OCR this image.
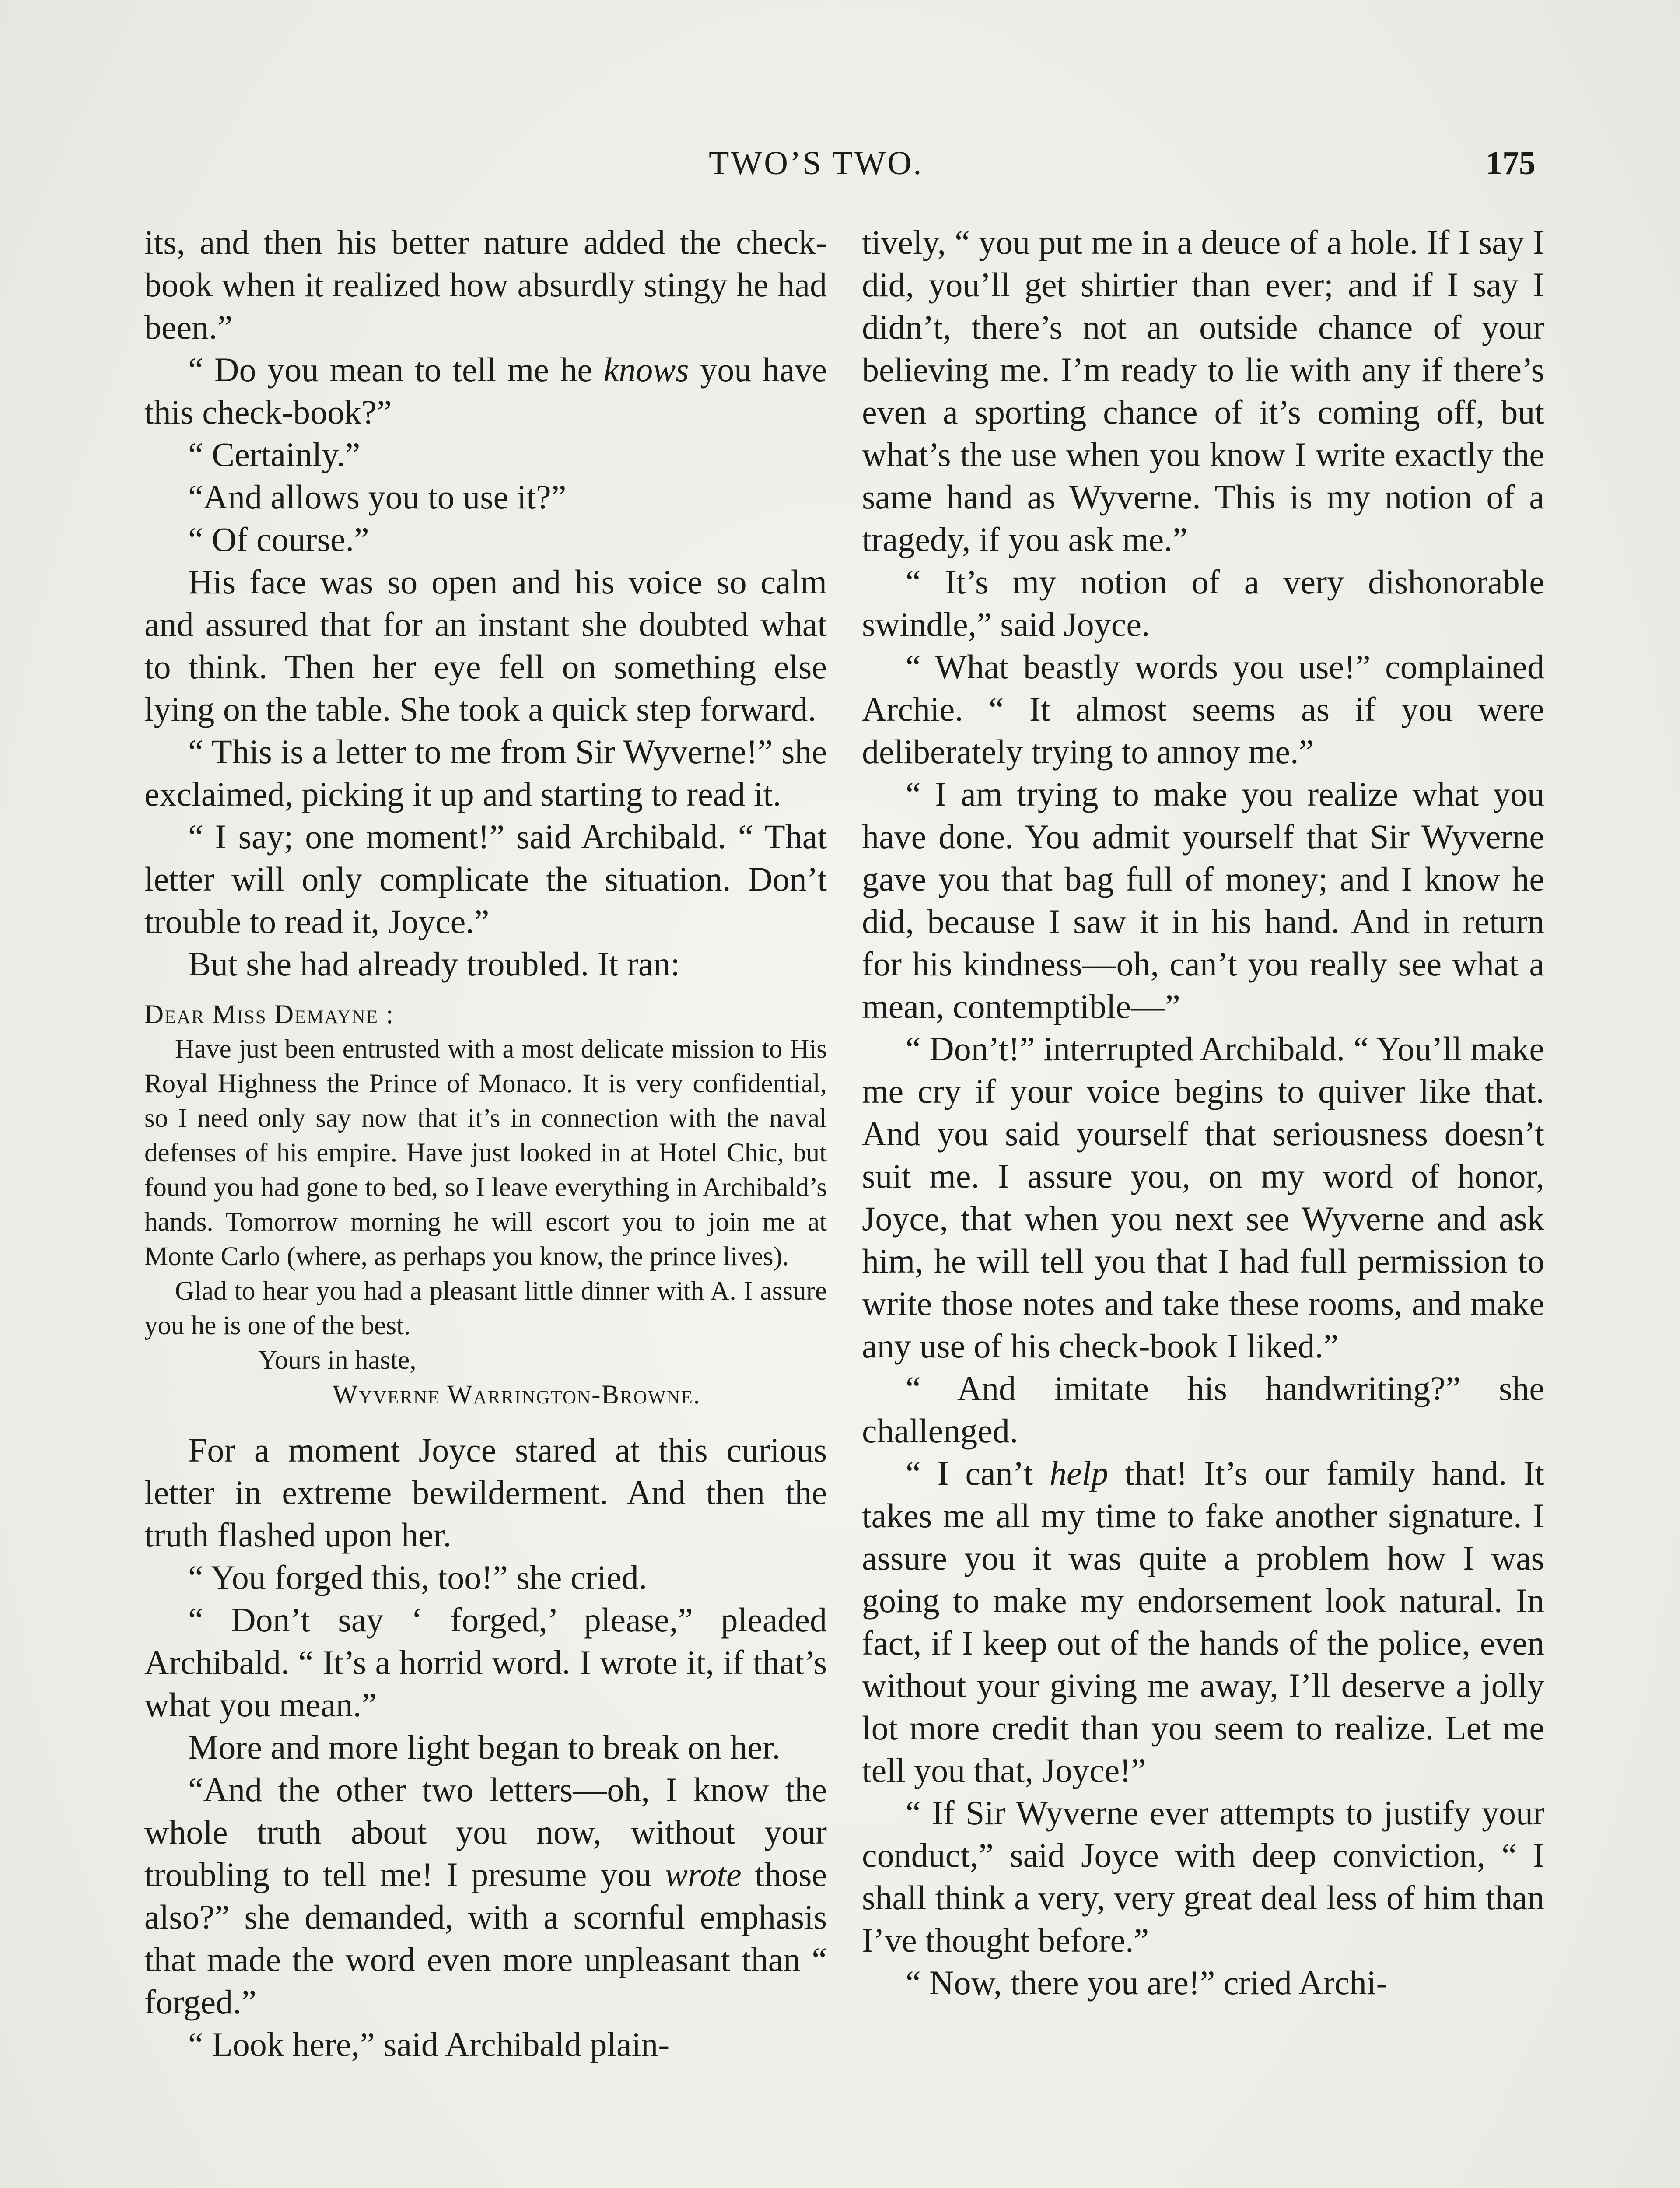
TWO’S TWO.	175

its, and then his better nature added the check-book when it realized how absurdly stingy he had been.”

“ Do you mean to tell me he knows you have this check-book?”

“ Certainly.”

“And allows you to use it?”

“ Of course.”

His face was so open and his voice so calm and assured that for an instant she doubted what to think. Then her eye fell on something else lying on the table. She took a quick step forward.

“ This is a letter to me from Sir Wyverne!” she exclaimed, picking it up and starting to read it.

“ I say; one moment!” said Archibald. “ That letter will only complicate the situation. Don’t trouble to read it, Joyce.”

But she had already troubled. It ran:

Dear Miss Demayne :

Have just been entrusted with a most delicate mission to His Royal Highness the Prince of Monaco. It is very confidential, so I need only say now that it’s in connection with the naval defenses of his empire. Have just looked in at Hotel Chic, but found you had gone to bed, so I leave everything in Archibald’s hands. Tomorrow morning he will escort you to join me at Monte Carlo (where, as perhaps you know, the prince lives).

Glad to hear you had a pleasant little dinner with A. I assure you he is one of the best.

Yours in haste,

Wyverne Warrington-Browne.

For a moment Joyce stared at this curious letter in extreme bewilderment. And then the truth flashed upon her.

“ You forged this, too!” she cried.

“ Don’t say ‘ forged,’ please,” pleaded Archibald. “ It’s a horrid word. I wrote it, if that’s what you mean.”

More and more light began to break on her.

“And the other two letters—oh, I know the whole truth about you now, without your troubling to tell me! I presume you wrote those also?” she demanded, with a scornful emphasis that made the word even more unpleasant than “ forged.”

“ Look here,” said Archibald plain-

tively, “ you put me in a deuce of a hole. If I say I did, you’ll get shirtier than ever; and if I say I didn’t, there’s not an outside chance of your believing me. I’m ready to lie with any if there’s even a sporting chance of it’s coming off, but what’s the use when you know I write exactly the same hand as Wyverne. This is my notion of a tragedy, if you ask me.”

“ It’s my notion of a very dishonorable swindle,” said Joyce.

“ What beastly words you use!” complained Archie. “ It almost seems as if you were deliberately trying to annoy me.”

“ I am trying to make you realize what you have done. You admit yourself that Sir Wyverne gave you that bag full of money; and I know he did, because I saw it in his hand. And in return for his kindness—oh, can’t you really see what a mean, contemptible—”

“ Don’t!” interrupted Archibald. “ You’ll make me cry if your voice begins to quiver like that. And you said yourself that seriousness doesn’t suit me. I assure you, on my word of honor, Joyce, that when you next see Wyverne and ask him, he will tell you that I had full permission to write those notes and take these rooms, and make any use of his check-book I liked.”

“ And imitate his handwriting?” she challenged.

“ I can’t help that! It’s our family hand. It takes me all my time to fake another signature. I assure you it was quite a problem how I was going to make my endorsement look natural. In fact, if I keep out of the hands of the police, even without your giving me away, I’ll deserve a jolly lot more credit than you seem to realize. Let me tell you that, Joyce!”

“ If Sir Wyverne ever attempts to justify your conduct,” said Joyce with deep conviction, “ I shall think a very, very great deal less of him than I’ve thought before.”

“ Now, there you are!” cried Archi-
